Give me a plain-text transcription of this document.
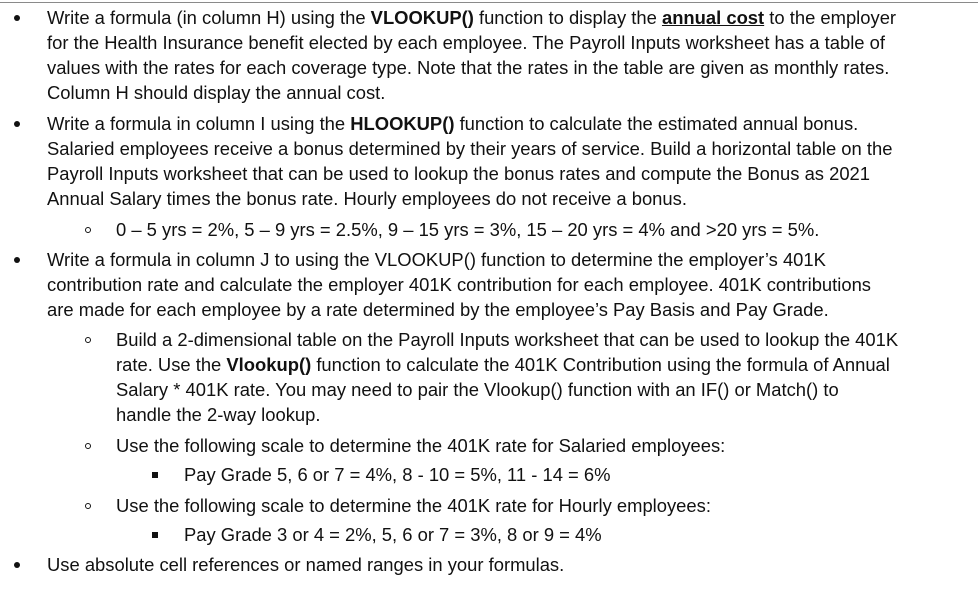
Write a formula (in column H) using the VLOOKUP() function to display the annual cost to the employer
for the Health Insurance benefit elected by each employee. The Payroll Inputs worksheet has a table of
values with the rates for each coverage type. Note that the rates in the table are given as monthly rates.
Column H should display the annual cost.
Write a formula in column I using the HLOOKUP() function to calculate the estimated annual bonus.
Salaried employees receive a bonus determined by their years of service. Build a horizontal table on the
Payroll Inputs worksheet that can be used to lookup the bonus rates and compute the Bonus as 2021
Annual Salary times the bonus rate. Hourly employees do not receive a bonus.
0 – 5 yrs = 2%, 5 – 9 yrs = 2.5%, 9 – 15 yrs = 3%, 15 – 20 yrs = 4% and >20 yrs = 5%.
Write a formula in column J to using the VLOOKUP() function to determine the employer’s 401K
contribution rate and calculate the employer 401K contribution for each employee. 401K contributions
are made for each employee by a rate determined by the employee’s Pay Basis and Pay Grade.
Build a 2-dimensional table on the Payroll Inputs worksheet that can be used to lookup the 401K
rate. Use the Vlookup() function to calculate the 401K Contribution using the formula of Annual
Salary * 401K rate. You may need to pair the Vlookup() function with an IF() or Match() to
handle the 2-way lookup.
Use the following scale to determine the 401K rate for Salaried employees:
Pay Grade 5, 6 or 7 = 4%, 8 - 10 = 5%, 11 - 14 = 6%
Use the following scale to determine the 401K rate for Hourly employees:
Pay Grade 3 or 4 = 2%, 5, 6 or 7 = 3%, 8 or 9 = 4%
Use absolute cell references or named ranges in your formulas.
